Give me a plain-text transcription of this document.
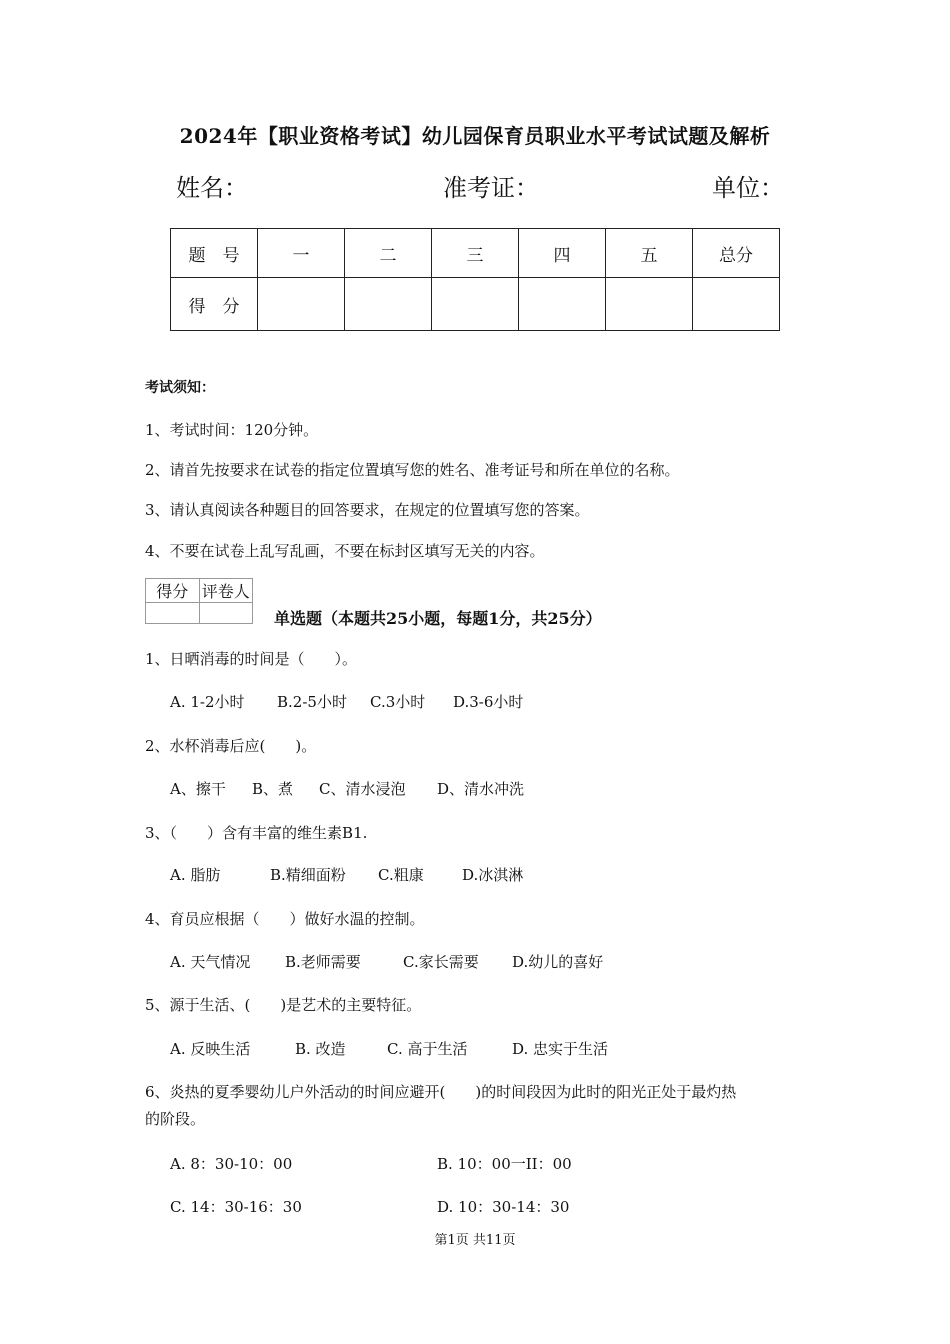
2024年【职业资格考试】幼儿园保育员职业水平考试试题及解析
姓名：	准考证：	单位：
题　号	一	二	三	四	五	总分
得　分						
考试须知：
1、考试时间：120分钟。
2、请首先按要求在试卷的指定位置填写您的姓名、准考证号和所在单位的名称。
3、请认真阅读各种题目的回答要求，在规定的位置填写您的答案。
4、不要在试卷上乱写乱画，不要在标封区填写无关的内容。
得分	评卷人

单选题（本题共25小题，每题1分，共25分）
1、日晒消毒的时间是（　　）。
A. 1-2小时 B.2-5小时 C.3小时 D.3-6小时
2、水杯消毒后应(　　)。
A、擦干 B、煮 C、清水浸泡 D、清水冲洗
3、（　　）含有丰富的维生素B1.
A. 脂肪	B.精细面粉 C.粗康	D.冰淇淋
4、育员应根据（　　）做好水温的控制。
A. 天气情况 B.老师需要	C.家长需要 D.幼儿的喜好
5、源于生活、(　　)是艺术的主要特征。
A. 反映生活	B. 改造	C. 高于生活	D. 忠实于生活
6、炎热的夏季婴幼儿户外活动的时间应避开(　　)的时间段因为此时的阳光正处于最灼热
的阶段。
A. 8：30-10：00	B. 10：00一II：00
C. 14：30-16：30	D. 10：30-14：30
第1页 共11页
